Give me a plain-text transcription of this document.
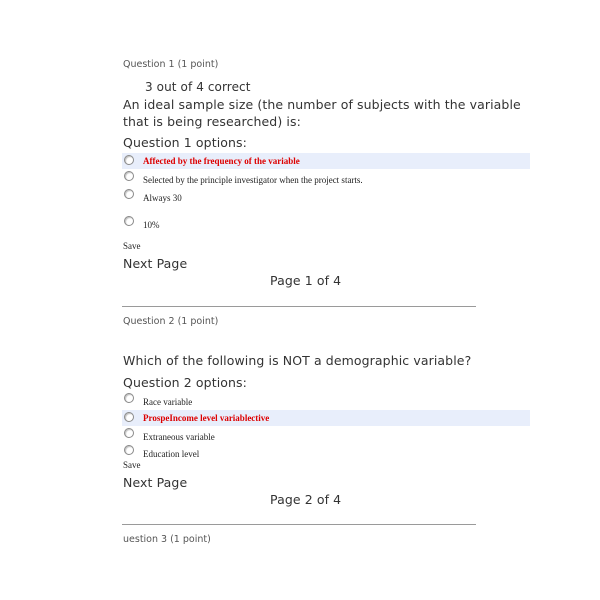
Question 1 (1 point)
3 out of 4 correct
An ideal sample size (the number of subjects with the variable
that is being researched) is:
Question 1 options:
Affected by the frequency of the variable
Selected by the principle investigator when the project starts.
Always 30
10%
Save
Next Page
Page 1 of 4
Question 2 (1 point)
Which of the following is NOT a demographic variable?
Question 2 options:
Race variable
ProspeIncome level variablective
Extraneous variable
Education level
Save
Next Page
Page 2 of 4
uestion 3 (1 point)
